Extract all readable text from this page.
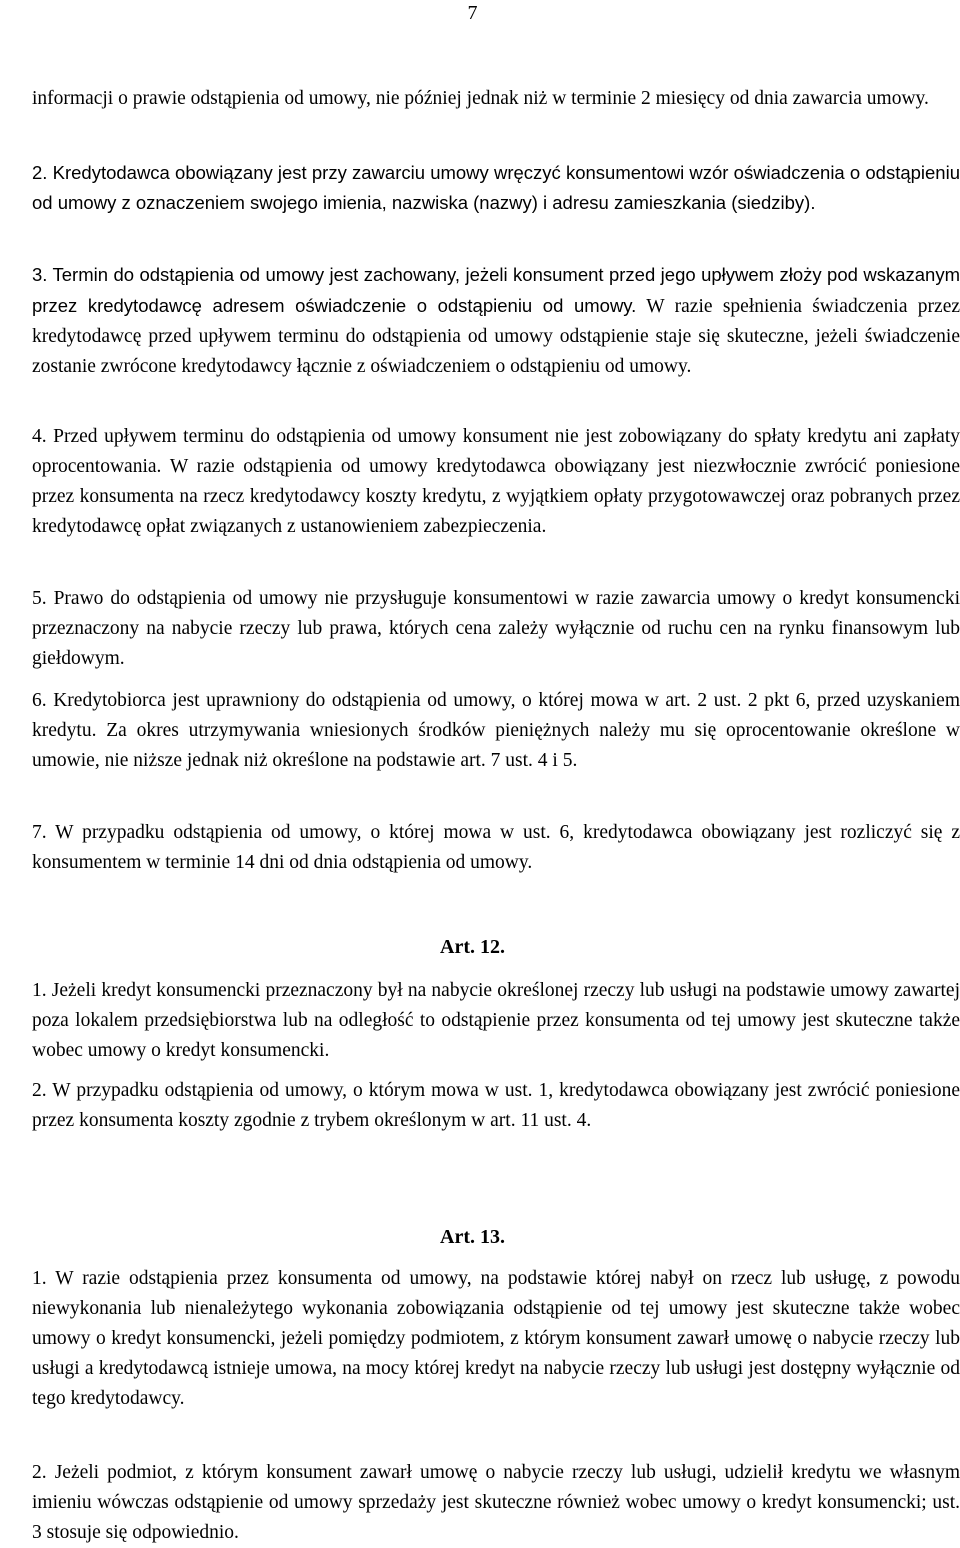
7

informacji o prawie odstąpienia od umowy, nie później jednak niż w terminie 2 miesięcy od dnia zawarcia umowy.

2. Kredytodawca obowiązany jest przy zawarciu umowy wręczyć konsumentowi wzór oświadczenia o odstąpieniu od umowy z oznaczeniem swojego imienia, nazwiska (nazwy) i adresu zamieszkania (siedziby).

3. Termin do odstąpienia od umowy jest zachowany, jeżeli konsument przed jego upływem złoży pod wskazanym przez kredytodawcę adresem oświadczenie o odstąpieniu od umowy. W razie spełnienia świadczenia przez kredytodawcę przed upływem terminu do odstąpienia od umowy odstąpienie staje się skuteczne, jeżeli świadczenie zostanie zwrócone kredytodawcy łącznie z oświadczeniem o odstąpieniu od umowy.

4. Przed upływem terminu do odstąpienia od umowy konsument nie jest zobowiązany do spłaty kredytu ani zapłaty oprocentowania. W razie odstąpienia od umowy kredytodawca obowiązany jest niezwłocznie zwrócić poniesione przez konsumenta na rzecz kredytodawcy koszty kredytu, z wyjątkiem opłaty przygotowawczej oraz pobranych przez kredytodawcę opłat związanych z ustanowieniem zabezpieczenia.

5. Prawo do odstąpienia od umowy nie przysługuje konsumentowi w razie zawarcia umowy o kredyt konsumencki przeznaczony na nabycie rzeczy lub prawa, których cena zależy wyłącznie od ruchu cen na rynku finansowym lub giełdowym.

6. Kredytobiorca jest uprawniony do odstąpienia od umowy, o której mowa w art. 2 ust. 2 pkt 6, przed uzyskaniem kredytu. Za okres utrzymywania wniesionych środków pieniężnych należy mu się oprocentowanie określone w umowie, nie niższe jednak niż określone na podstawie art. 7 ust. 4 i 5.

7. W przypadku odstąpienia od umowy, o której mowa w ust. 6, kredytodawca obowiązany jest rozliczyć się z konsumentem w terminie 14 dni od dnia odstąpienia od umowy.

Art. 12.

1. Jeżeli kredyt konsumencki przeznaczony był na nabycie określonej rzeczy lub usługi na podstawie umowy zawartej poza lokalem przedsiębiorstwa lub na odległość to odstąpienie przez konsumenta od tej umowy jest skuteczne także wobec umowy o kredyt konsumencki.

2. W przypadku odstąpienia od umowy, o którym mowa w ust. 1, kredytodawca obowiązany jest zwrócić poniesione przez konsumenta koszty zgodnie z trybem określonym w art. 11 ust. 4.

Art. 13.

1. W razie odstąpienia przez konsumenta od umowy, na podstawie której nabył on rzecz lub usługę, z powodu niewykonania lub nienależytego wykonania zobowiązania odstąpienie od tej umowy jest skuteczne także wobec umowy o kredyt konsumencki, jeżeli pomiędzy podmiotem, z którym konsument zawarł umowę o nabycie rzeczy lub usługi a kredytodawcą istnieje umowa, na mocy której kredyt na nabycie rzeczy lub usługi jest dostępny wyłącznie od tego kredytodawcy.

2. Jeżeli podmiot, z którym konsument zawarł umowę o nabycie rzeczy lub usługi, udzielił kredytu we własnym imieniu wówczas odstąpienie od umowy sprzedaży jest skuteczne również wobec umowy o kredyt konsumencki; ust. 3 stosuje się odpowiednio.
